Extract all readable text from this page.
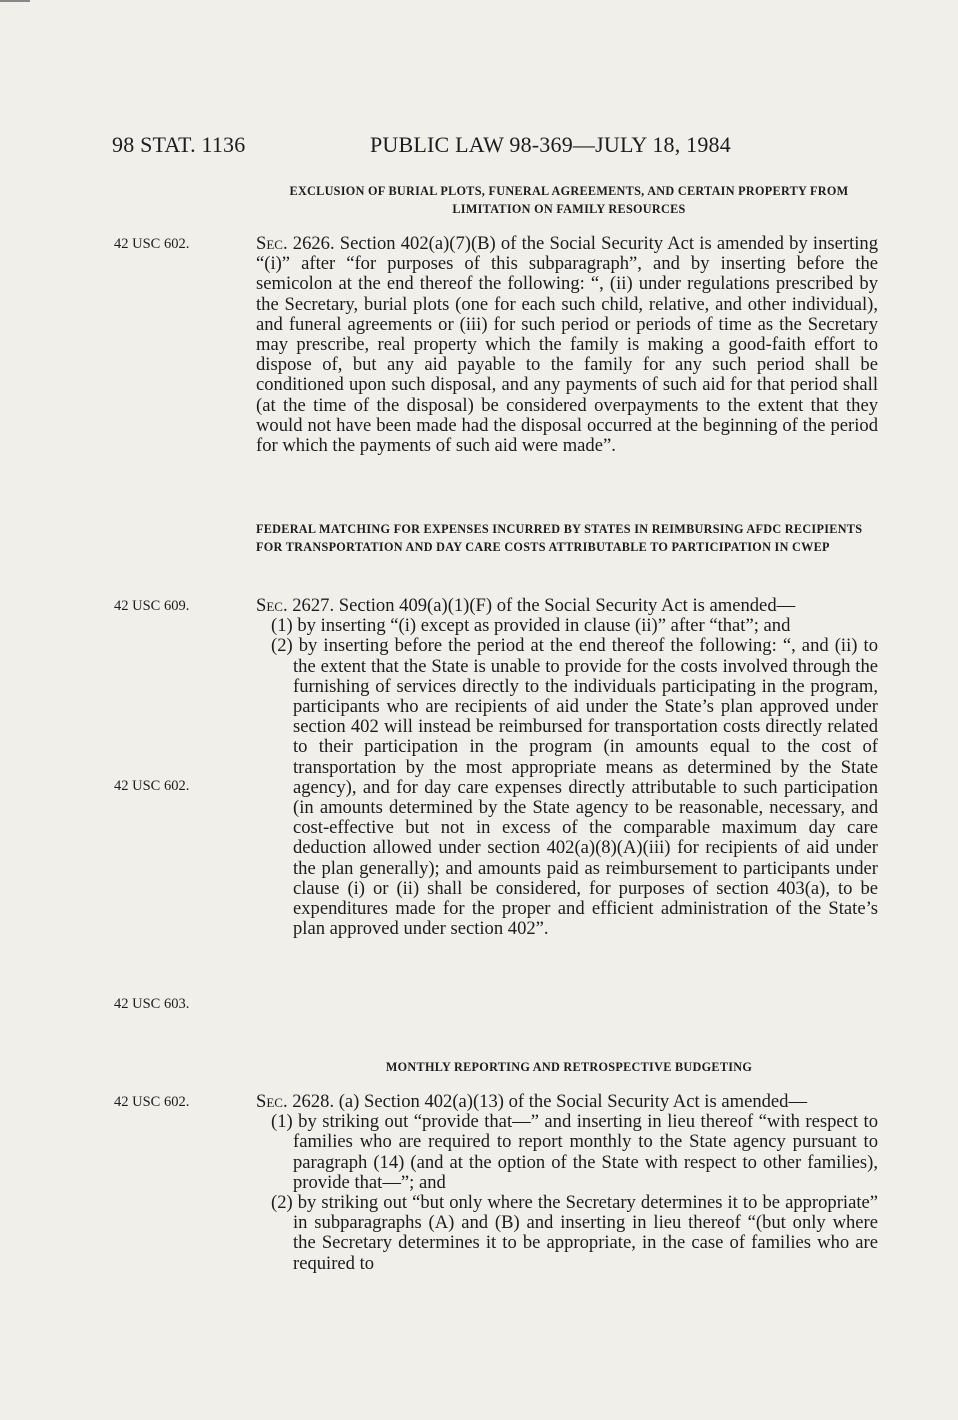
98 STAT. 1136	PUBLIC LAW 98-369—JULY 18, 1984
42 USC 602.
42 USC 609.
42 USC 602.
42 USC 603.
42 USC 602.
EXCLUSION OF BURIAL PLOTS, FUNERAL AGREEMENTS, AND CERTAIN PROPERTY FROM LIMITATION ON FAMILY RESOURCES

Sec. 2626. Section 402(a)(7)(B) of the Social Security Act is amended by inserting “(i)” after “for purposes of this subparagraph”, and by inserting before the semicolon at the end thereof the following: “, (ii) under regulations prescribed by the Secretary, burial plots (one for each such child, relative, and other individual), and funeral agreements or (iii) for such period or periods of time as the Secretary may prescribe, real property which the family is making a good-faith effort to dispose of, but any aid payable to the family for any such period shall be conditioned upon such disposal, and any payments of such aid for that period shall (at the time of the disposal) be considered overpayments to the extent that they would not have been made had the disposal occurred at the beginning of the period for which the payments of such aid were made”.

FEDERAL MATCHING FOR EXPENSES INCURRED BY STATES IN REIMBURSING AFDC RECIPIENTS FOR TRANSPORTATION AND DAY CARE COSTS ATTRIBUTABLE TO PARTICIPATION IN CWEP

Sec. 2627. Section 409(a)(1)(F) of the Social Security Act is amended—

(1) by inserting “(i) except as provided in clause (ii)” after “that”; and

(2) by inserting before the period at the end thereof the following: “, and (ii) to the extent that the State is unable to provide for the costs involved through the furnishing of services directly to the individuals participating in the program, participants who are recipients of aid under the State’s plan approved under section 402 will instead be reimbursed for transportation costs directly related to their participation in the program (in amounts equal to the cost of transportation by the most appropriate means as determined by the State agency), and for day care expenses directly attributable to such participation (in amounts determined by the State agency to be reasonable, necessary, and cost-effective but not in excess of the comparable maximum day care deduction allowed under section 402(a)(8)(A)(iii) for recipients of aid under the plan generally); and amounts paid as reimbursement to participants under clause (i) or (ii) shall be considered, for purposes of section 403(a), to be expenditures made for the proper and efficient administration of the State’s plan approved under section 402”.

MONTHLY REPORTING AND RETROSPECTIVE BUDGETING

Sec. 2628. (a) Section 402(a)(13) of the Social Security Act is amended—

(1) by striking out “provide that—” and inserting in lieu thereof “with respect to families who are required to report monthly to the State agency pursuant to paragraph (14) (and at the option of the State with respect to other families), provide that—”; and

(2) by striking out “but only where the Secretary determines it to be appropriate” in subparagraphs (A) and (B) and inserting in lieu thereof “(but only where the Secretary determines it to be appropriate, in the case of families who are required to
